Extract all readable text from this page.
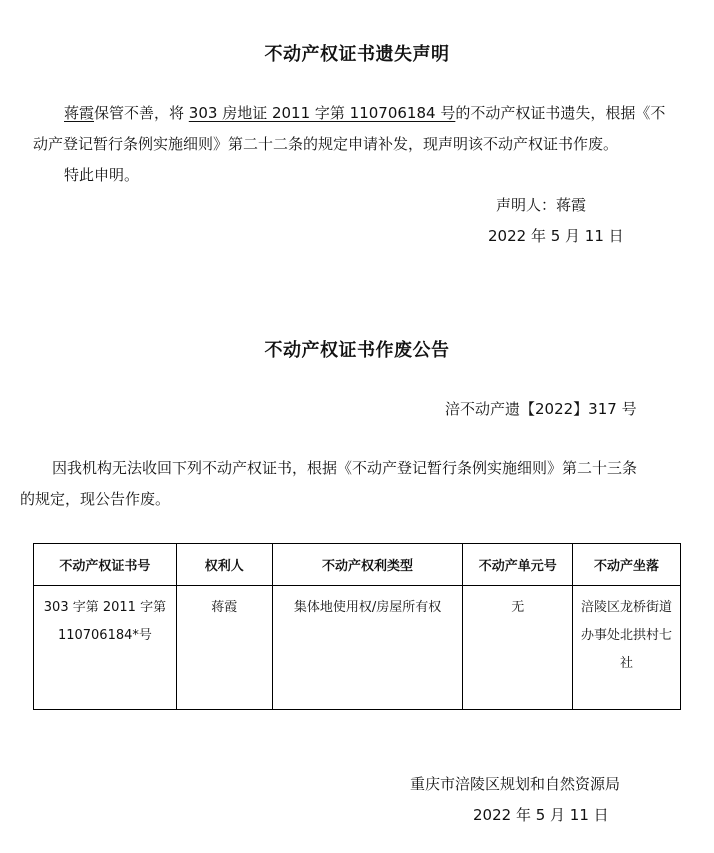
不动产权证书遗失声明
蒋霞保管不善，将 303 房地证 2011 字第 110706184 号的不动产权证书遗失，根据《不
动产登记暂行条例实施细则》第二十二条的规定申请补发，现声明该不动产权证书作废。
特此申明。
声明人：蒋霞
2022 年 5 月 11 日
不动产权证书作废公告
涪不动产遗【2022】317 号
因我机构无法收回下列不动产权证书，根据《不动产登记暂行条例实施细则》第二十三条
的规定，现公告作废。
不动产权证书号	权利人	不动产权利类型	不动产单元号	不动产坐落
303 字第 2011 字第 110706184*号	蒋霞	集体地使用权/房屋所有权	无	涪陵区龙桥街道办事处北拱村七社
重庆市涪陵区规划和自然资源局
2022 年 5 月 11 日
